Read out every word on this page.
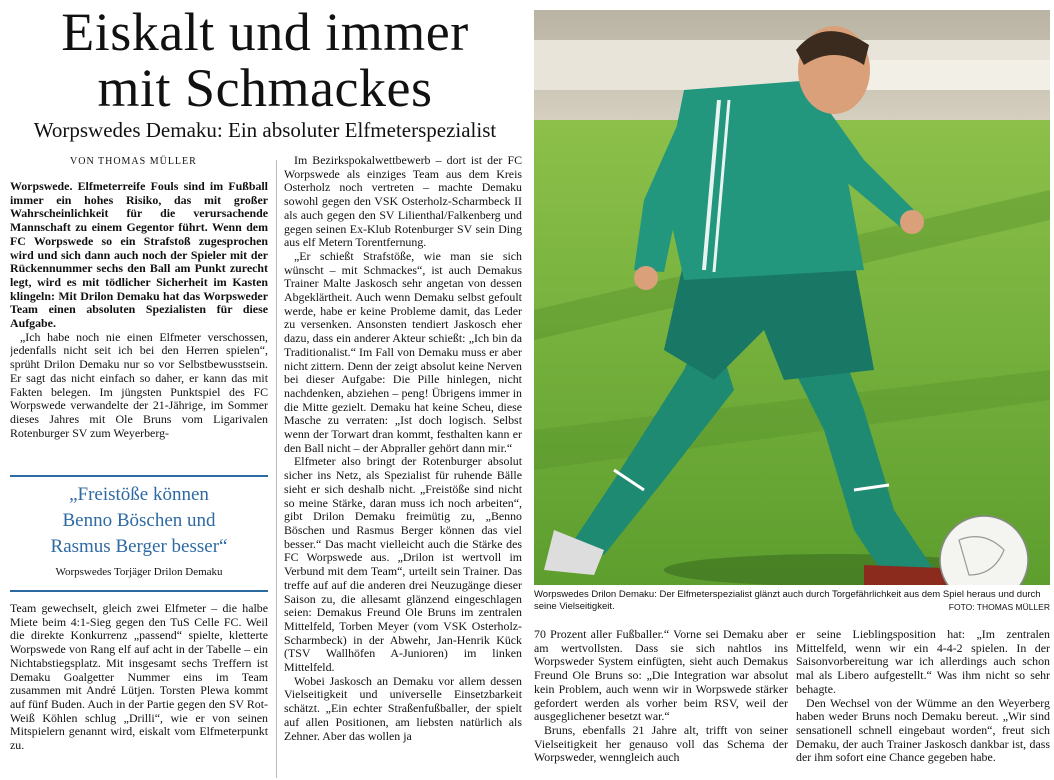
Eiskalt und immer
mit Schmackes
Worpswedes Demaku: Ein absoluter Elfmeterspezialist
VON THOMAS MÜLLER

Worpswede. Elfmeterreife Fouls sind im Fußball immer ein hohes Risiko, das mit großer Wahrscheinlichkeit für die verursachende Mannschaft zu einem Gegentor führt. Wenn dem FC Worpswede so ein Strafstoß zugesprochen wird und sich dann auch noch der Spieler mit der Rückennummer sechs den Ball am Punkt zurecht legt, wird es mit tödlicher Sicherheit im Kasten klingeln: Mit Drilon Demaku hat das Worpsweder Team einen absoluten Spezialisten für diese Aufgabe.

„Ich habe noch nie einen Elfmeter verschossen, jedenfalls nicht seit ich bei den Herren spielen“, sprüht Drilon Demaku nur so vor Selbstbewusstsein. Er sagt das nicht einfach so daher, er kann das mit Fakten belegen. Im jüngsten Punktspiel des FC Worpswede verwandelte der 21-Jährige, im Sommer dieses Jahres mit Ole Bruns vom Ligarivalen Rotenburger SV zum Weyerberg-

„Freistöße können
Benno Böschen und
Rasmus Berger besser“
Worpswedes Torjäger Drilon Demaku

Team gewechselt, gleich zwei Elfmeter – die halbe Miete beim 4:1-Sieg gegen den TuS Celle FC. Weil die direkte Konkurrenz „passend“ spielte, kletterte Worpswede von Rang elf auf acht in der Tabelle – ein Nichtabstiegsplatz. Mit insgesamt sechs Treffern ist Demaku Goalgetter Nummer eins im Team zusammen mit André Lütjen. Torsten Plewa kommt auf fünf Buden. Auch in der Partie gegen den SV Rot-Weiß Köhlen schlug „Drilli“, wie er von seinen Mitspielern genannt wird, eiskalt vom Elfmeterpunkt zu.

Im Bezirkspokalwettbewerb – dort ist der FC Worpswede als einziges Team aus dem Kreis Osterholz noch vertreten – machte Demaku sowohl gegen den VSK Osterholz-Scharmbeck II als auch gegen den SV Lilienthal/Falkenberg und gegen seinen Ex-Klub Rotenburger SV sein Ding aus elf Metern Torentfernung.

„Er schießt Strafstöße, wie man sie sich wünscht – mit Schmackes“, ist auch Demakus Trainer Malte Jaskosch sehr angetan von dessen Abgeklärtheit. Auch wenn Demaku selbst gefoult werde, habe er keine Probleme damit, das Leder zu versenken. Ansonsten tendiert Jaskosch eher dazu, dass ein anderer Akteur schießt: „Ich bin da Traditionalist.“ Im Fall von Demaku muss er aber nicht zittern. Denn der zeigt absolut keine Nerven bei dieser Aufgabe: Die Pille hinlegen, nicht nachdenken, abziehen – peng! Übrigens immer in die Mitte gezielt. Demaku hat keine Scheu, diese Masche zu verraten: „Ist doch logisch. Selbst wenn der Torwart dran kommt, festhalten kann er den Ball nicht – der Abpraller gehört dann mir.“

Elfmeter also bringt der Rotenburger absolut sicher ins Netz, als Spezialist für ruhende Bälle sieht er sich deshalb nicht. „Freistöße sind nicht so meine Stärke, daran muss ich noch arbeiten“, gibt Drilon Demaku freimütig zu, „Benno Böschen und Rasmus Berger können das viel besser.“ Das macht vielleicht auch die Stärke des FC Worpswede aus. „Drilon ist wertvoll im Verbund mit dem Team“, urteilt sein Trainer. Das treffe auf auf die anderen drei Neuzugänge dieser Saison zu, die allesamt glänzend eingeschlagen seien: Demakus Freund Ole Bruns im zentralen Mittelfeld, Torben Meyer (vom VSK Osterholz-Scharmbeck) in der Abwehr, Jan-Henrik Kück (TSV Wallhöfen A-Junioren) im linken Mittelfeld.

Wobei Jaskosch an Demaku vor allem dessen Vielseitigkeit und universelle Einsetzbarkeit schätzt. „Ein echter Straßenfußballer, der spielt auf allen Positionen, am liebsten natürlich als Zehner. Aber das wollen ja

Worpswedes Drilon Demaku: Der Elfmeterspezialist glänzt auch durch Torgefährlichkeit aus dem Spiel heraus und durch seine Vielseitigkeit.	FOTO: THOMAS MÜLLER

70 Prozent aller Fußballer.“ Vorne sei Demaku aber am wertvollsten. Dass sie sich nahtlos ins Worpsweder System einfügten, sieht auch Demakus Freund Ole Bruns so: „Die Integration war absolut kein Problem, auch wenn wir in Worpswede stärker gefordert werden als vorher beim RSV, weil der ausgeglichener besetzt war.“

Bruns, ebenfalls 21 Jahre alt, trifft von seiner Vielseitigkeit her genauso voll das Schema der Worpsweder, wenngleich auch

er seine Lieblingsposition hat: „Im zentralen Mittelfeld, wenn wir ein 4-4-2 spielen. In der Saisonvorbereitung war ich allerdings auch schon mal als Libero aufgestellt.“ Was ihm nicht so sehr behagte.

Den Wechsel von der Wümme an den Weyerberg haben weder Bruns noch Demaku bereut. „Wir sind sensationell schnell eingebaut worden“, freut sich Demaku, der auch Trainer Jaskosch dankbar ist, dass der ihm sofort eine Chance gegeben habe.
